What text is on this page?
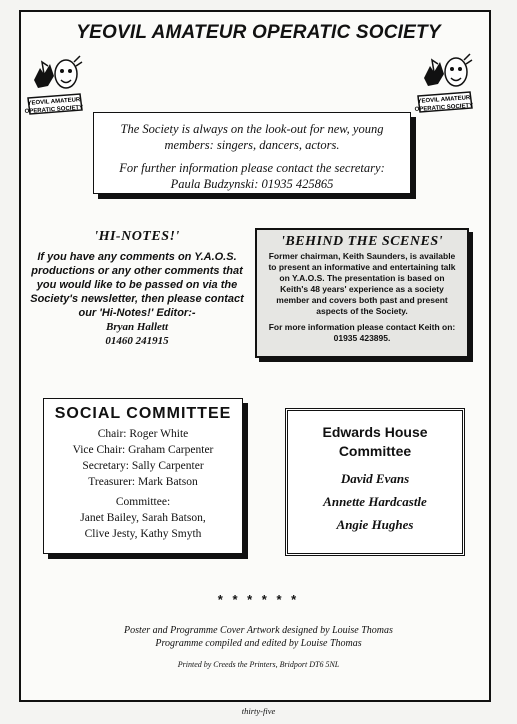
YEOVIL AMATEUR OPERATIC SOCIETY
YEOVIL AMATEUR
OPERATIC SOCIETY
YEOVIL AMATEUR
OPERATIC SOCIETY

The Society is always on the look-out for new, young
members: singers, dancers, actors.

For further information please contact the secretary:
Paula Budzynski: 01935 425865

'HI-NOTES!'
If you have any comments on Y.A.O.S.
productions or any other comments that
you would like to be passed on via the
Society's newsletter, then please contact
our 'Hi-Notes!' Editor:-
Bryan Hallett
01460 241915
'BEHIND THE SCENES'

Former chairman, Keith Saunders, is available
to present an informative and entertaining talk
on Y.A.O.S. The presentation is based on
Keith's 48 years' experience as a society
member and covers both past and present
aspects of the Society.

For more information please contact Keith on:
01935 423895.

SOCIAL COMMITTEE
Chair: Roger White
Vice Chair: Graham Carpenter
Secretary: Sally Carpenter
Treasurer: Mark Batson
Committee:
Janet Bailey, Sarah Batson,
Clive Jesty, Kathy Smyth
Edwards House
Committee
David Evans
Annette Hardcastle
Angie Hughes
* * * * * *
Poster and Programme Cover Artwork designed by Louise Thomas
Programme compiled and edited by Louise Thomas
Printed by Creeds the Printers, Bridport DT6 5NL
thirty-five
